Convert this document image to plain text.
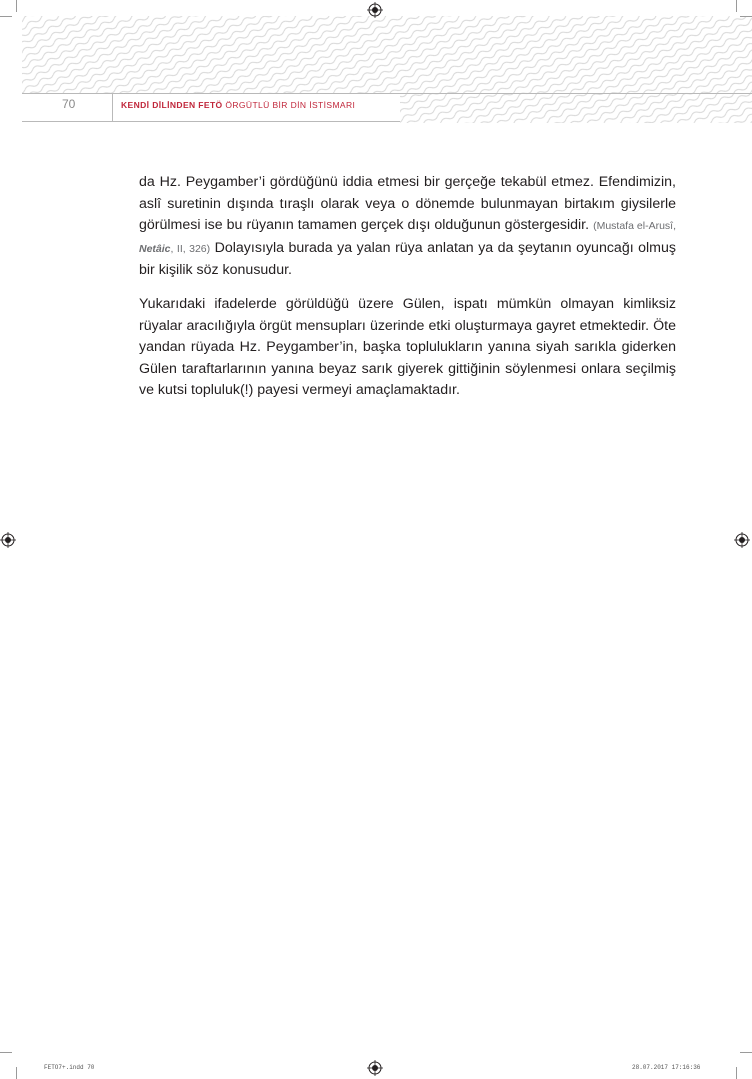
70	KENDİ DİLİNDEN FETÖ ÖRGÜTLÜ BİR DİN İSTİSMARI

da Hz. Peygamber’i gördüğünü iddia etmesi bir gerçeğe tekabül etmez. Efendimizin, aslî suretinin dışında tıraşlı olarak veya o dönemde bulunmayan birtakım giysilerle görülmesi ise bu rüyanın tamamen gerçek dışı olduğunun göstergesidir. (Mustafa el-Arusî, Netâic, II, 326) Dolayısıyla burada ya yalan rüya anlatan ya da şeytanın oyuncağı olmuş bir kişilik söz konusudur.

Yukarıdaki ifadelerde görüldüğü üzere Gülen, ispatı mümkün olmayan kimliksiz rüyalar aracılığıyla örgüt mensupları üzerinde etki oluşturmaya gayret etmektedir. Öte yandan rüyada Hz. Peygamber’in, başka toplulukların yanına siyah sarıkla giderken Gülen taraftarlarının yanına beyaz sarık giyerek gittiğinin söylenmesi onlara seçilmiş ve kutsi topluluk(!) payesi vermeyi amaçlamaktadır.

FETO7+.indd 70	28.07.2017 17:16:36
